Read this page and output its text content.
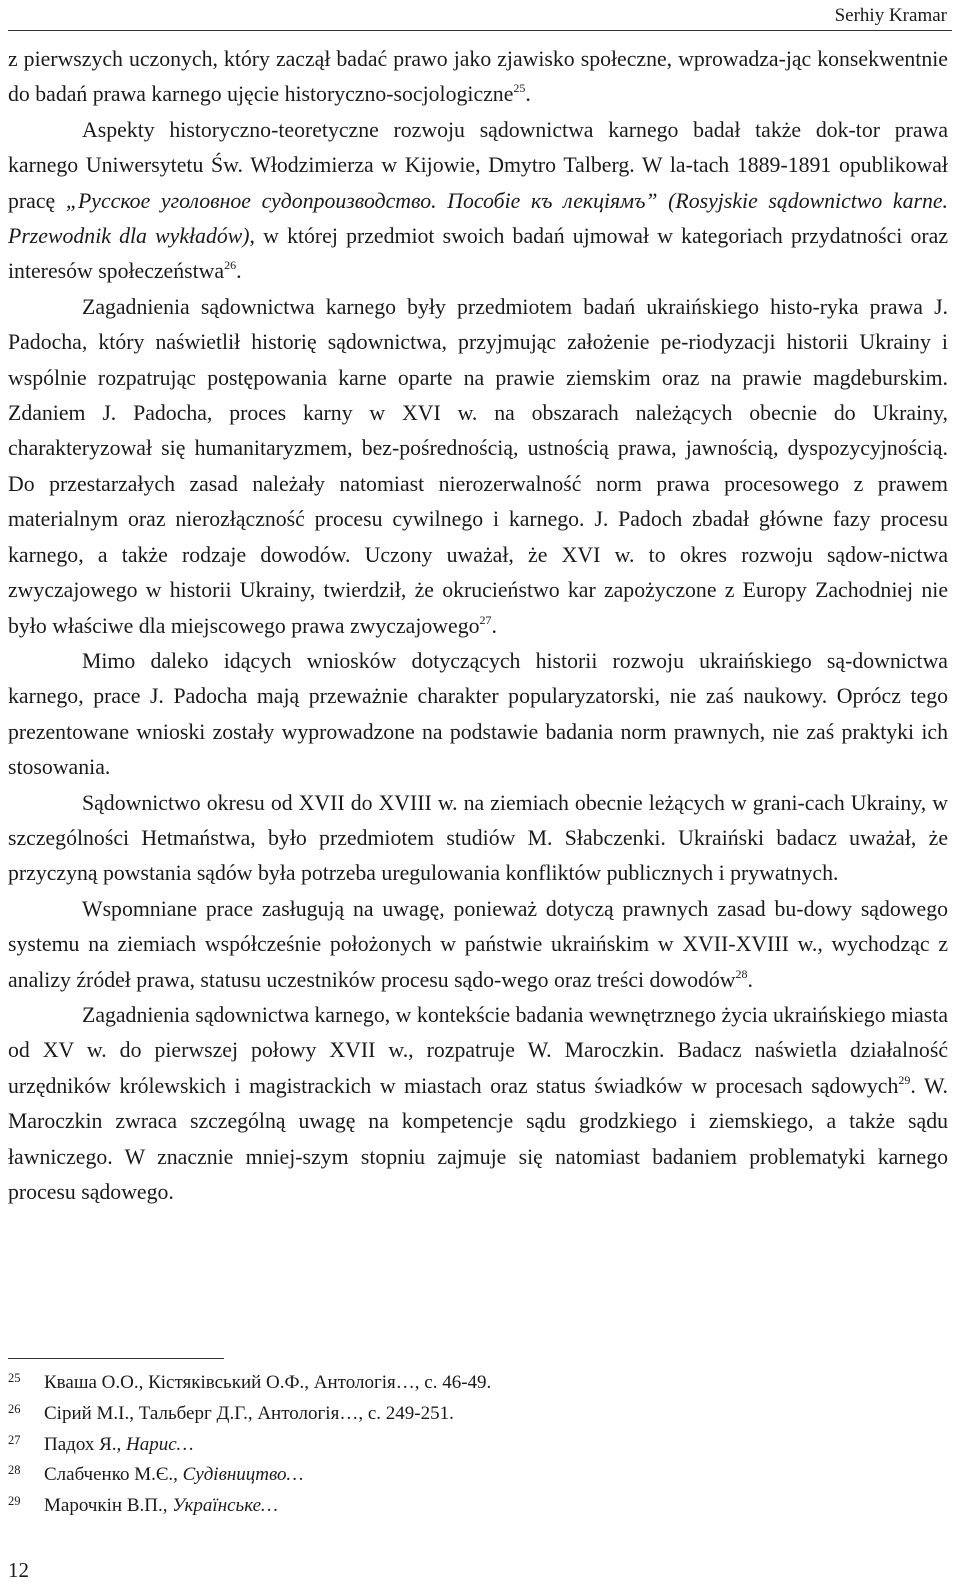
Serhiy Kramar

z pierwszych uczonych, który zaczął badać prawo jako zjawisko społeczne, wprowadza-jąc konsekwentnie do badań prawa karnego ujęcie historyczno-socjologiczne$^{25}$.

Aspekty historyczno-teoretyczne rozwoju sądownictwa karnego badał także dok-tor prawa karnego Uniwersytetu Św. Włodzimierza w Kijowie, Dmytro Talberg. W la-tach 1889-1891 opublikował pracę „Русское уголовное судопроизводство. Пособіе къ лекціямъ” (Rosyjskie sądownictwo karne. Przewodnik dla wykładów), w której przedmiot swoich badań ujmował w kategoriach przydatności oraz interesów społeczeństwa$^{26}$.

Zagadnienia sądownictwa karnego były przedmiotem badań ukraińskiego histo-ryka prawa J. Padocha, który naświetlił historię sądownictwa, przyjmując założenie pe-riodyzacji historii Ukrainy i wspólnie rozpatrując postępowania karne oparte na prawie ziemskim oraz na prawie magdeburskim. Zdaniem J. Padocha, proces karny w XVI w. na obszarach należących obecnie do Ukrainy, charakteryzował się humanitaryzmem, bez-pośrednością, ustnością prawa, jawnością, dyspozycyjnością. Do przestarzałych zasad należały natomiast nierozerwalność norm prawa procesowego z prawem materialnym oraz nierozłączność procesu cywilnego i karnego. J. Padoch zbadał główne fazy procesu karnego, a także rodzaje dowodów. Uczony uważał, że XVI w. to okres rozwoju sądow-nictwa zwyczajowego w historii Ukrainy, twierdził, że okrucieństwo kar zapożyczone z Europy Zachodniej nie było właściwe dla miejscowego prawa zwyczajowego$^{27}$.

Mimo daleko idących wniosków dotyczących historii rozwoju ukraińskiego są-downictwa karnego, prace J. Padocha mają przeważnie charakter popularyzatorski, nie zaś naukowy. Oprócz tego prezentowane wnioski zostały wyprowadzone na podstawie badania norm prawnych, nie zaś praktyki ich stosowania.

Sądownictwo okresu od XVII do XVIII w. na ziemiach obecnie leżących w grani-cach Ukrainy, w szczególności Hetmaństwa, było przedmiotem studiów M. Słabczenki. Ukraiński badacz uważał, że przyczyną powstania sądów była potrzeba uregulowania konfliktów publicznych i prywatnych.

Wspomniane prace zasługują na uwagę, ponieważ dotyczą prawnych zasad bu-dowy sądowego systemu na ziemiach współcześnie położonych w państwie ukraińskim w XVII-XVIII w., wychodząc z analizy źródeł prawa, statusu uczestników procesu sądo-wego oraz treści dowodów$^{28}$.

Zagadnienia sądownictwa karnego, w kontekście badania wewnętrznego życia ukraińskiego miasta od XV w. do pierwszej połowy XVII w., rozpatruje W. Maroczkin. Badacz naświetla działalność urzędników królewskich i magistrackich w miastach oraz status świadków w procesach sądowych$^{29}$. W. Maroczkin zwraca szczególną uwagę na kompetencje sądu grodzkiego i ziemskiego, a także sądu ławniczego. W znacznie mniej-szym stopniu zajmuje się natomiast badaniem problematyki karnego procesu sądowego.

25	Кваша О.О., Кістяківський О.Ф., Антологія…, с. 46-49.
26	Сірий М.І., Тальберг Д.Г., Антологія…, с. 249-251.
27	Падох Я., Нарис…
28	Слабченко М.Є., Судівництво…
29	Марочкін В.П., Українське…
12
